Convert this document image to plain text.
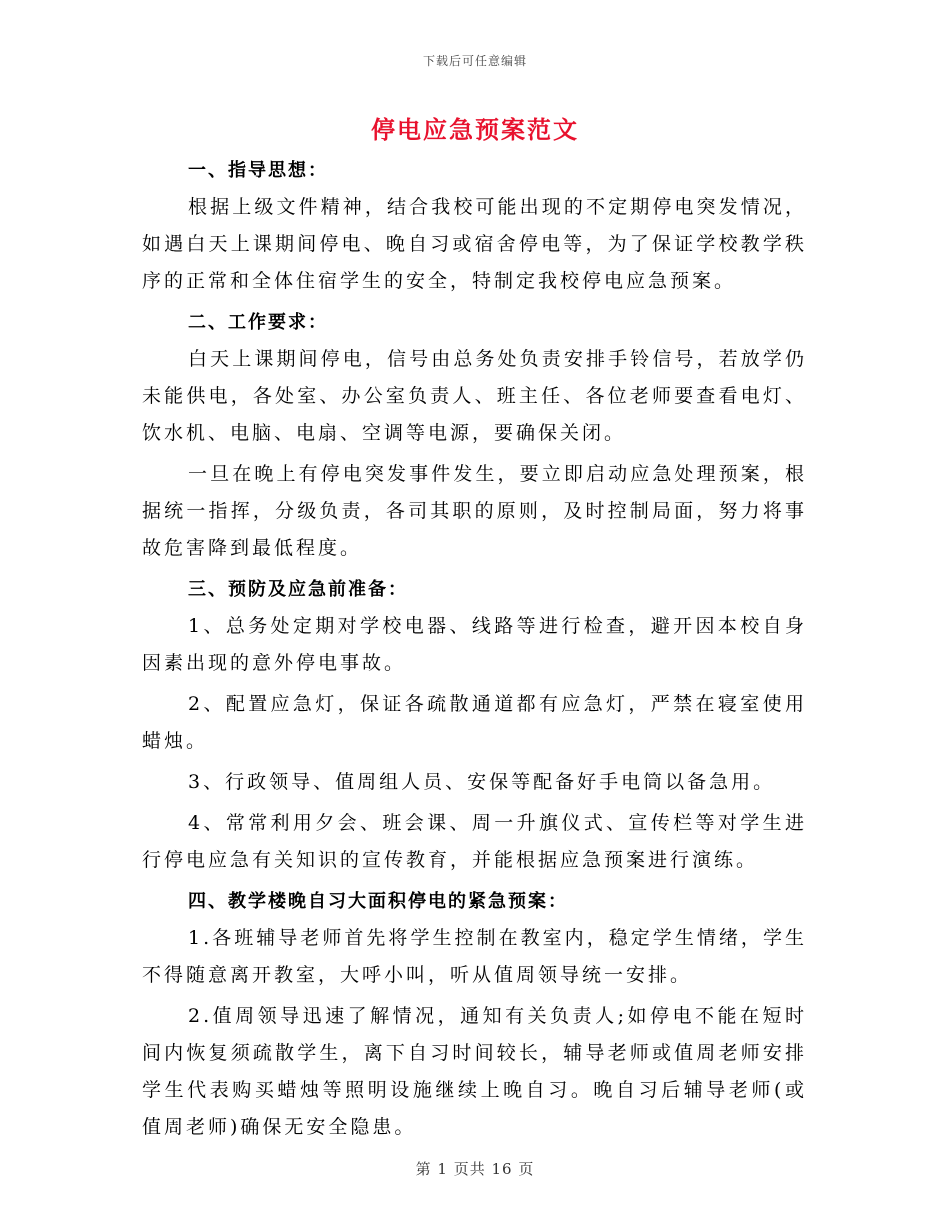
下载后可任意编辑
停电应急预案范文
一、指导思想：

根据上级文件精神，结合我校可能出现的不定期停电突发情况，如遇白天上课期间停电、晚自习或宿舍停电等，为了保证学校教学秩序的正常和全体住宿学生的安全，特制定我校停电应急预案。

二、工作要求：

白天上课期间停电，信号由总务处负责安排手铃信号，若放学仍未能供电，各处室、办公室负责人、班主任、各位老师要查看电灯、饮水机、电脑、电扇、空调等电源，要确保关闭。

一旦在晚上有停电突发事件发生，要立即启动应急处理预案，根据统一指挥，分级负责，各司其职的原则，及时控制局面，努力将事故危害降到最低程度。

三、预防及应急前准备：

1、总务处定期对学校电器、线路等进行检查，避开因本校自身因素出现的意外停电事故。

2、配置应急灯，保证各疏散通道都有应急灯，严禁在寝室使用蜡烛。

3、行政领导、值周组人员、安保等配备好手电筒以备急用。

4、常常利用夕会、班会课、周一升旗仪式、宣传栏等对学生进行停电应急有关知识的宣传教育，并能根据应急预案进行演练。

四、教学楼晚自习大面积停电的紧急预案：

1.各班辅导老师首先将学生控制在教室内，稳定学生情绪，学生不得随意离开教室，大呼小叫，听从值周领导统一安排。

2.值周领导迅速了解情况，通知有关负责人;如停电不能在短时间内恢复须疏散学生，离下自习时间较长，辅导老师或值周老师安排学生代表购买蜡烛等照明设施继续上晚自习。晚自习后辅导老师(或值周老师)确保无安全隐患。

第 1 页共 16 页
